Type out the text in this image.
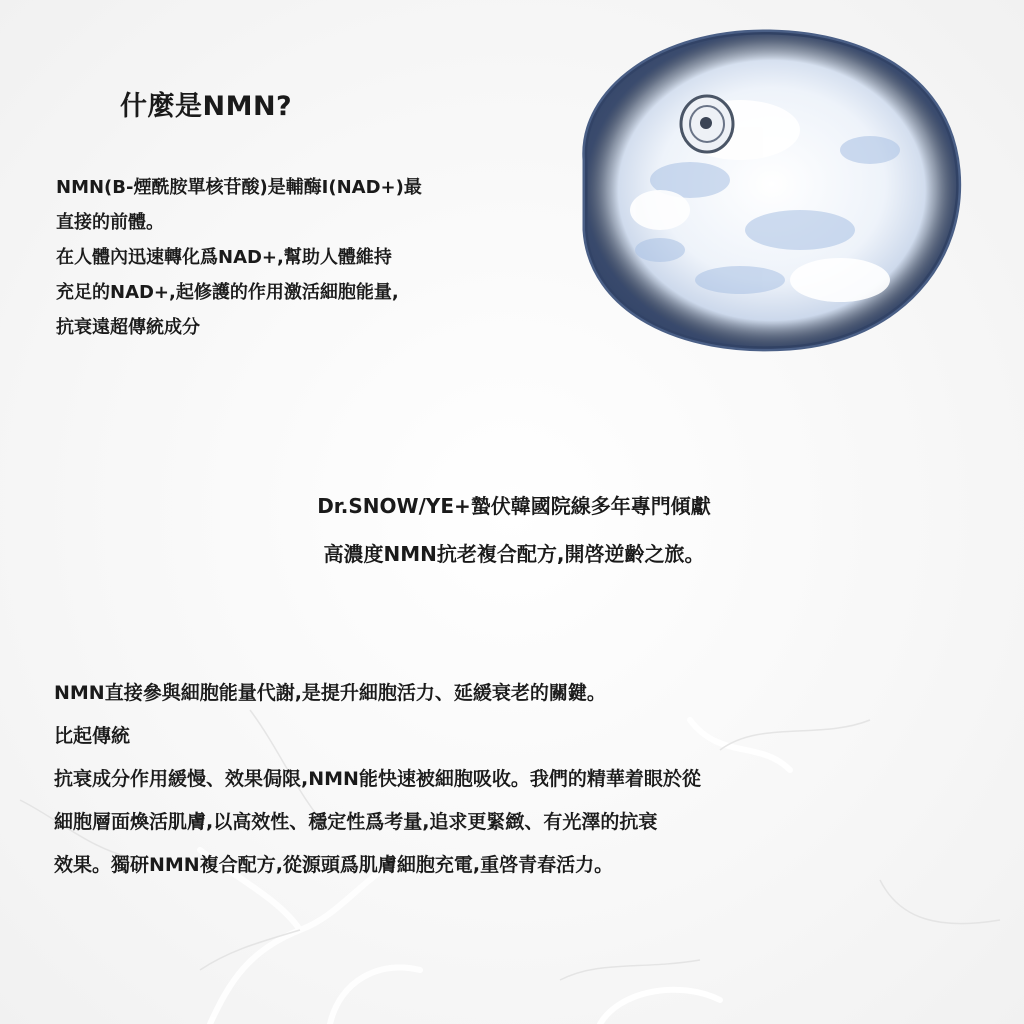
什麼是NMN?
NMN(B-煙酰胺單核苷酸)是輔酶I(NAD+)最
直接的前體。
在人體內迅速轉化爲NAD+,幫助人體維持
充足的NAD+,起修護的作用激活細胞能量,
抗衰遠超傳統成分
Dr.SNOW/YE+蟄伏韓國院線多年專門傾獻
高濃度NMN抗老複合配方,開啓逆齡之旅。
NMN直接參與細胞能量代謝,是提升細胞活力、延緩衰老的關鍵。
比起傳統
抗衰成分作用緩慢、效果侷限,NMN能快速被細胞吸收。我們的精華着眼於從
細胞層面煥活肌膚,以高效性、穩定性爲考量,追求更緊緻、有光澤的抗衰
效果。獨研NMN複合配方,從源頭爲肌膚細胞充電,重啓青春活力。
